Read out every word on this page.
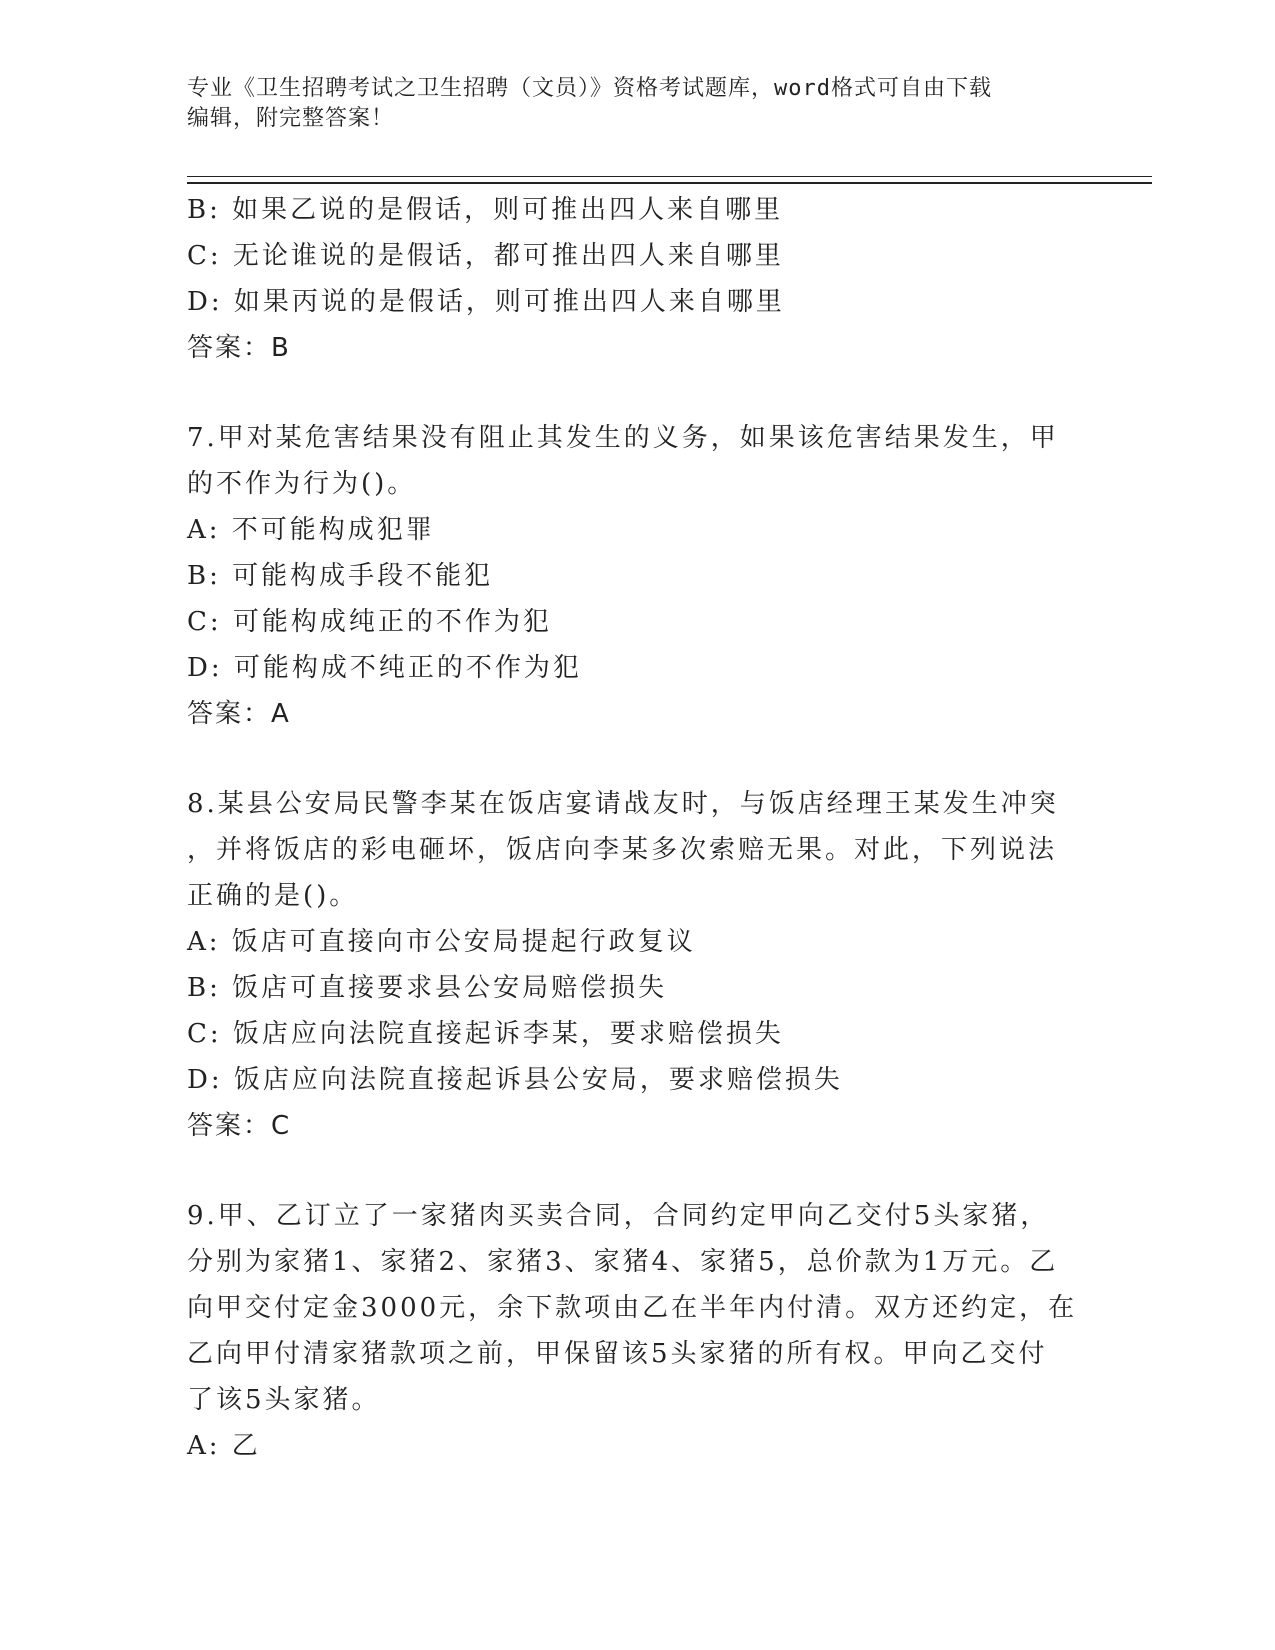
专业《卫生招聘考试之卫生招聘（文员）》资格考试题库，word格式可自由下载
编辑，附完整答案！
B: 如果乙说的是假话，则可推出四人来自哪里
C: 无论谁说的是假话，都可推出四人来自哪里
D: 如果丙说的是假话，则可推出四人来自哪里
答案：B
7.甲对某危害结果没有阻止其发生的义务，如果该危害结果发生，甲
的不作为行为()。
A: 不可能构成犯罪
B: 可能构成手段不能犯
C: 可能构成纯正的不作为犯
D: 可能构成不纯正的不作为犯
答案：A
8.某县公安局民警李某在饭店宴请战友时，与饭店经理王某发生冲突
，并将饭店的彩电砸坏，饭店向李某多次索赔无果。对此，下列说法
正确的是()。
A: 饭店可直接向市公安局提起行政复议
B: 饭店可直接要求县公安局赔偿损失
C: 饭店应向法院直接起诉李某，要求赔偿损失
D: 饭店应向法院直接起诉县公安局，要求赔偿损失
答案：C
9.甲、乙订立了一家猪肉买卖合同，合同约定甲向乙交付5头家猪，
分别为家猪1、家猪2、家猪3、家猪4、家猪5，总价款为1万元。乙
向甲交付定金3000元，余下款项由乙在半年内付清。双方还约定，在
乙向甲付清家猪款项之前，甲保留该5头家猪的所有权。甲向乙交付
了该5头家猪。
A: 乙
